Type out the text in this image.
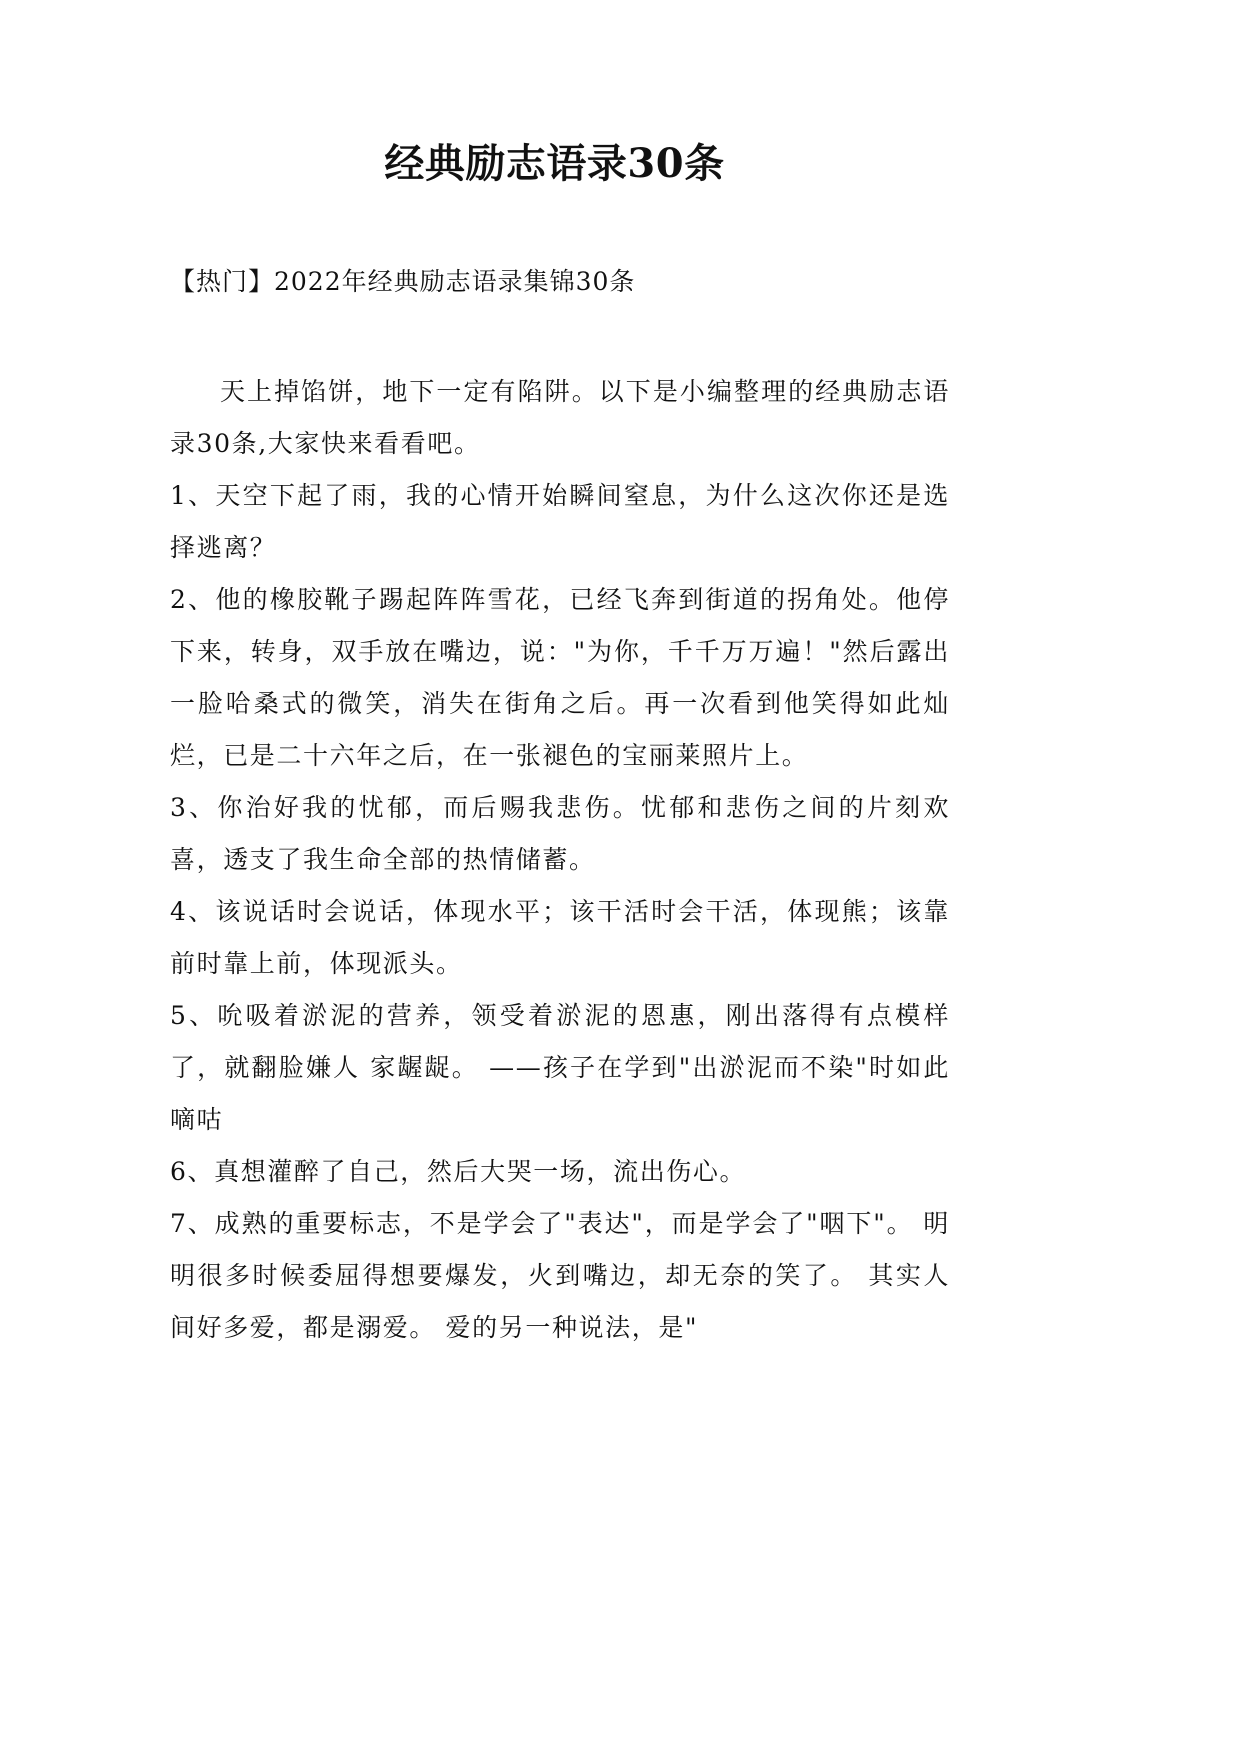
经典励志语录30条

【热门】2022年经典励志语录集锦30条

天上掉馅饼，地下一定有陷阱。以下是小编整理的经典励志语录30条,大家快来看看吧。

1、天空下起了雨，我的心情开始瞬间窒息，为什么这次你还是选择逃离？

2、他的橡胶靴子踢起阵阵雪花，已经飞奔到街道的拐角处。他停下来，转身，双手放在嘴边，说："为你，千千万万遍！"然后露出一脸哈桑式的微笑，消失在街角之后。再一次看到他笑得如此灿烂，已是二十六年之后，在一张褪色的宝丽莱照片上。

3、你治好我的忧郁，而后赐我悲伤。忧郁和悲伤之间的片刻欢喜，透支了我生命全部的热情储蓄。

4、该说话时会说话，体现水平；该干活时会干活，体现熊；该靠前时靠上前，体现派头。

5、吮吸着淤泥的营养，领受着淤泥的恩惠，刚出落得有点模样了，就翻脸嫌人 家龌龊。 ——孩子在学到"出淤泥而不染"时如此嘀咕

6、真想灌醉了自己，然后大哭一场，流出伤心。

7、成熟的重要标志，不是学会了"表达"，而是学会了"咽下"。 明明很多时候委屈得想要爆发，火到嘴边，却无奈的笑了。 其实人间好多爱，都是溺爱。 爱的另一种说法，是"
